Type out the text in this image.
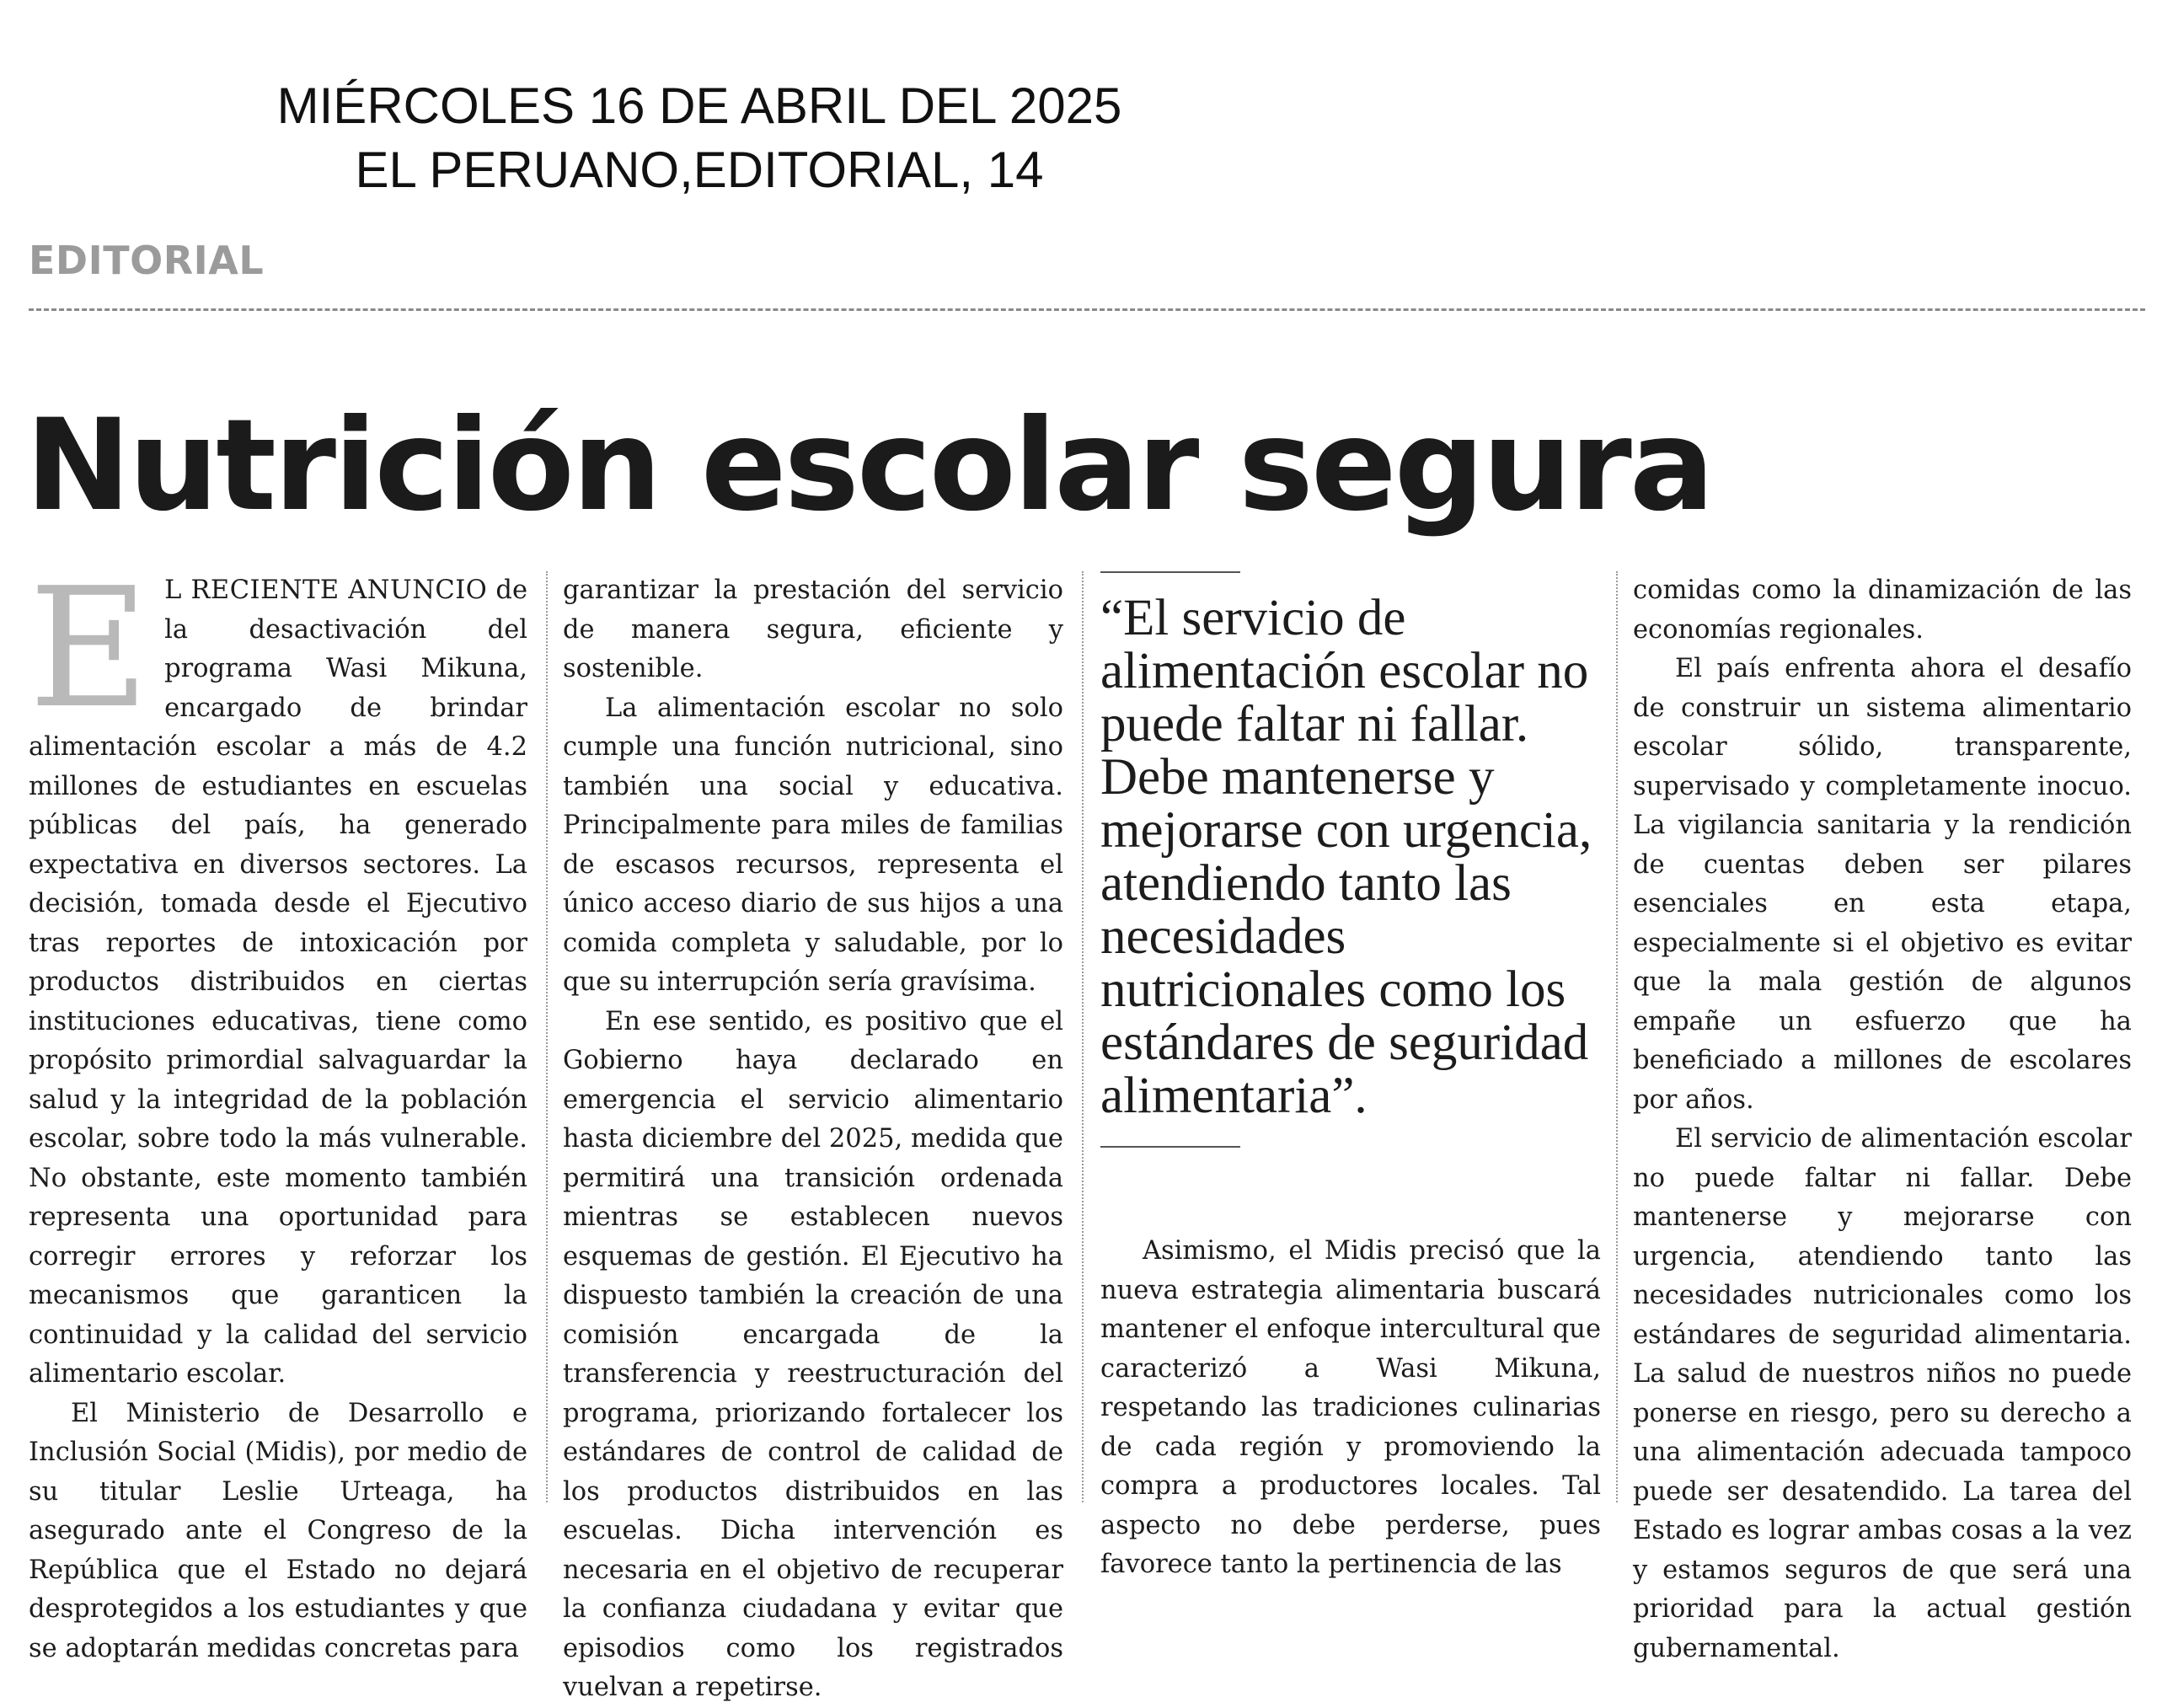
MIÉRCOLES 16 DE ABRIL DEL 2025
EL PERUANO,EDITORIAL, 14
EDITORIAL
Nutrición escolar segura

E L RECIENTE ANUNCIO de la desactivación del programa Wasi Mikuna, encargado de brindar alimentación escolar a más de 4.2 millones de estudiantes en escuelas públicas del país, ha generado expectativa en diversos sectores. La decisión, tomada desde el Ejecutivo tras reportes de intoxicación por productos distribuidos en ciertas instituciones educativas, tiene como propósito primordial salvaguardar la salud y la integridad de la población escolar, sobre todo la más vulnerable. No obstante, este momento también representa una oportunidad para corregir errores y reforzar los mecanismos que garanticen la continuidad y la calidad del servicio alimentario escolar.

El Ministerio de Desarrollo e Inclusión Social (Midis), por medio de su titular Leslie Urteaga, ha asegurado ante el Congreso de la República que el Estado no dejará desprotegidos a los estudiantes y que se adoptarán medidas concretas para

garantizar la prestación del servicio de manera segura, eficiente y sostenible.

La alimentación escolar no solo cumple una función nutricional, sino también una social y educativa. Principalmente para miles de familias de escasos recursos, representa el único acceso diario de sus hijos a una comida completa y saludable, por lo que su interrupción sería gravísima.

En ese sentido, es positivo que el Gobierno haya declarado en emergencia el servicio alimentario hasta diciembre del 2025, medida que permitirá una transición ordenada mientras se establecen nuevos esquemas de gestión. El Ejecutivo ha dispuesto también la creación de una comisión encargada de la transferencia y reestructuración del programa, priorizando fortalecer los estándares de control de calidad de los productos distribuidos en las escuelas. Dicha intervención es necesaria en el objetivo de recuperar la confianza ciudadana y evitar que episodios como los registrados vuelvan a repetirse.

“El servicio de alimentación escolar no puede faltar ni fallar. Debe mantenerse y mejorarse con urgencia, atendiendo tanto las necesidades nutricionales como los estándares de seguridad alimentaria”.

Asimismo, el Midis precisó que la nueva estrategia alimentaria buscará mantener el enfoque intercultural que caracterizó a Wasi Mikuna, respetando las tradiciones culinarias de cada región y promoviendo la compra a productores locales. Tal aspecto no debe perderse, pues favorece tanto la pertinencia de las

comidas como la dinamización de las economías regionales.

El país enfrenta ahora el desafío de construir un sistema alimentario escolar sólido, transparente, supervisado y completamente inocuo. La vigilancia sanitaria y la rendición de cuentas deben ser pilares esenciales en esta etapa, especialmente si el objetivo es evitar que la mala gestión de algunos empañe un esfuerzo que ha beneficiado a millones de escolares por años.

El servicio de alimentación escolar no puede faltar ni fallar. Debe mantenerse y mejorarse con urgencia, atendiendo tanto las necesidades nutricionales como los estándares de seguridad alimentaria. La salud de nuestros niños no puede ponerse en riesgo, pero su derecho a una alimentación adecuada tampoco puede ser desatendido. La tarea del Estado es lograr ambas cosas a la vez y estamos seguros de que será una prioridad para la actual gestión gubernamental.
